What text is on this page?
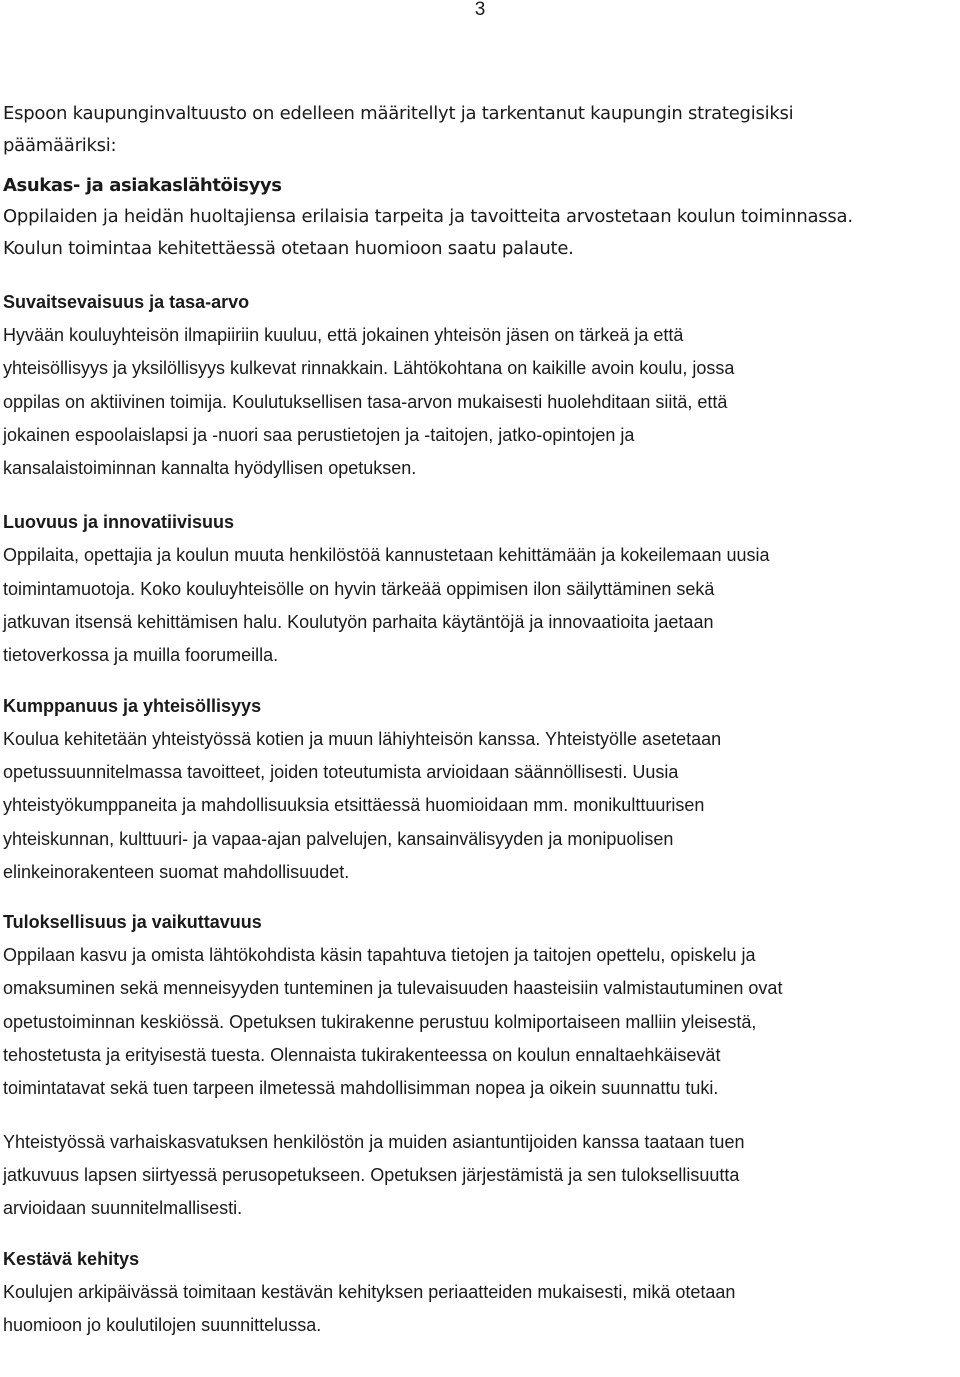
3

Espoon kaupunginvaltuusto on edelleen määritellyt ja tarkentanut kaupungin strategisiksi
päämääriksi:

Asukas- ja asiakaslähtöisyys

Oppilaiden ja heidän huoltajiensa erilaisia tarpeita ja tavoitteita arvostetaan koulun toiminnassa.
Koulun toimintaa kehitettäessä otetaan huomioon saatu palaute.

Suvaitsevaisuus ja tasa-arvo

Hyvään kouluyhteisön ilmapiiriin kuuluu, että jokainen yhteisön jäsen on tärkeä ja että
yhteisöllisyys ja yksilöllisyys kulkevat rinnakkain. Lähtökohtana on kaikille avoin koulu, jossa
oppilas on aktiivinen toimija. Koulutuksellisen tasa-arvon mukaisesti huolehditaan siitä, että
jokainen espoolaislapsi ja -nuori saa perustietojen ja -taitojen, jatko-opintojen ja
kansalaistoiminnan kannalta hyödyllisen opetuksen.

Luovuus ja innovatiivisuus

Oppilaita, opettajia ja koulun muuta henkilöstöä kannustetaan kehittämään ja kokeilemaan uusia
toimintamuotoja. Koko kouluyhteisölle on hyvin tärkeää oppimisen ilon säilyttäminen sekä
jatkuvan itsensä kehittämisen halu. Koulutyön parhaita käytäntöjä ja innovaatioita jaetaan
tietoverkossa ja muilla foorumeilla.

Kumppanuus ja yhteisöllisyys

Koulua kehitetään yhteistyössä kotien ja muun lähiyhteisön kanssa. Yhteistyölle asetetaan
opetussuunnitelmassa tavoitteet, joiden toteutumista arvioidaan säännöllisesti. Uusia
yhteistyökumppaneita ja mahdollisuuksia etsittäessä huomioidaan mm. monikulttuurisen
yhteiskunnan, kulttuuri- ja vapaa-ajan palvelujen, kansainvälisyyden ja monipuolisen
elinkeinorakenteen suomat mahdollisuudet.

Tuloksellisuus ja vaikuttavuus

Oppilaan kasvu ja omista lähtökohdista käsin tapahtuva tietojen ja taitojen opettelu, opiskelu ja
omaksuminen sekä menneisyyden tunteminen ja tulevaisuuden haasteisiin valmistautuminen ovat
opetustoiminnan keskiössä. Opetuksen tukirakenne perustuu kolmiportaiseen malliin yleisestä,
tehostetusta ja erityisestä tuesta. Olennaista tukirakenteessa on koulun ennaltaehkäisevät
toimintatavat sekä tuen tarpeen ilmetessä mahdollisimman nopea ja oikein suunnattu tuki.

Yhteistyössä varhaiskasvatuksen henkilöstön ja muiden asiantuntijoiden kanssa taataan tuen
jatkuvuus lapsen siirtyessä perusopetukseen. Opetuksen järjestämistä ja sen tuloksellisuutta
arvioidaan suunnitelmallisesti.

Kestävä kehitys

Koulujen arkipäivässä toimitaan kestävän kehityksen periaatteiden mukaisesti, mikä otetaan
huomioon jo koulutilojen suunnittelussa.
